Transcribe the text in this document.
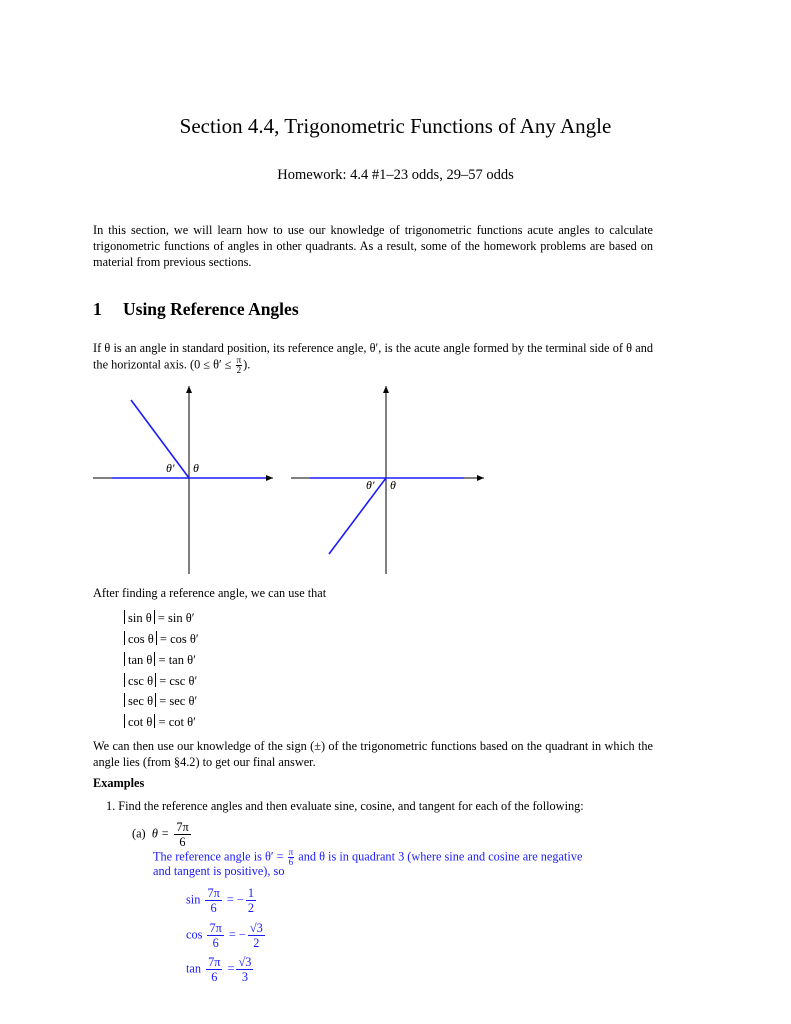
Section 4.4, Trigonometric Functions of Any Angle
Homework: 4.4 #1–23 odds, 29–57 odds
In this section, we will learn how to use our knowledge of trigonometric functions acute angles to calculate trigonometric functions of angles in other quadrants. As a result, some of the homework problems are based on material from previous sections.
1 Using Reference Angles
If θ is an angle in standard position, its reference angle, θ′, is the acute angle formed by the terminal side of θ and the horizontal axis. ($0 \le \theta' \le \frac{\pi}{2}$ ).
θ′ θ
θ′ θ
After finding a reference angle, we can use that
sin θ = sin θ′
cos θ = cos θ′
tan θ = tan θ′
csc θ = csc θ′
sec θ = sec θ′
cot θ = cot θ′
We can then use our knowledge of the sign (±) of the trigonometric functions based on the quadrant in which the angle lies (from §4.2) to get our final answer.
Examples
1. Find the reference angles and then evaluate sine, cosine, and tangent for each of the following:
(a) $\theta = \frac{7\pi}{6}$
The reference angle is $\theta' = \frac{\pi}{6}$ and θ is in quadrant 3 (where sine and cosine are negative
and tangent is positive), so
$\sin \frac{7\pi}{6}$ = − $\frac{1}{2}$
$\cos \frac{7\pi}{6}$ = − $\frac{√3}{2}$
$\tan \frac{7\pi}{6} = \frac{√3}{3}$
